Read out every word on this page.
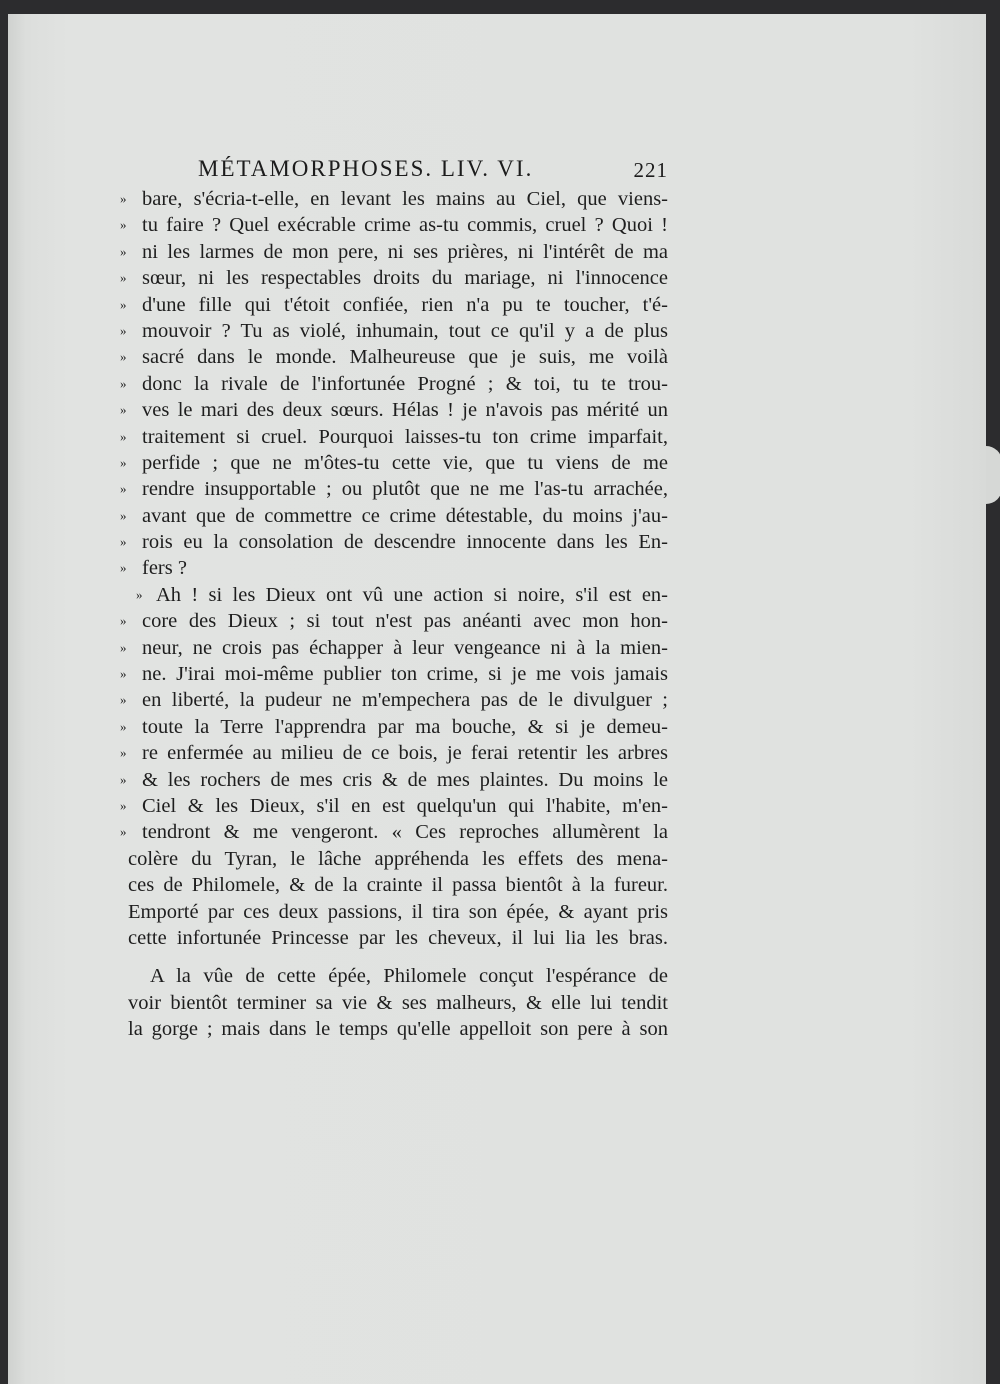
MÉTAMORPHOSES. LIV. VI.	221
» bare, s'écria-t-elle, en levant les mains au Ciel, que viens-
» tu faire ? Quel exécrable crime as-tu commis, cruel ? Quoi !
» ni les larmes de mon pere, ni ses prières, ni l'intérêt de ma
» sœur, ni les respectables droits du mariage, ni l'innocence
» d'une fille qui t'étoit confiée, rien n'a pu te toucher, t'é-
» mouvoir ? Tu as violé, inhumain, tout ce qu'il y a de plus
» sacré dans le monde. Malheureuse que je suis, me voilà
» donc la rivale de l'infortunée Progné ; & toi, tu te trou-
» ves le mari des deux sœurs. Hélas ! je n'avois pas mérité un
» traitement si cruel. Pourquoi laisses-tu ton crime imparfait,
» perfide ; que ne m'ôtes-tu cette vie, que tu viens de me
» rendre insupportable ; ou plutôt que ne me l'as-tu arrachée,
» avant que de commettre ce crime détestable, du moins j'au-
» rois eu la consolation de descendre innocente dans les En-
» fers ?
» Ah ! si les Dieux ont vû une action si noire, s'il est en-
» core des Dieux ; si tout n'est pas anéanti avec mon hon-
» neur, ne crois pas échapper à leur vengeance ni à la mien-
» ne. J'irai moi-même publier ton crime, si je me vois jamais
» en liberté, la pudeur ne m'empechera pas de le divulguer ;
» toute la Terre l'apprendra par ma bouche, & si je demeu-
» re enfermée au milieu de ce bois, je ferai retentir les arbres
» & les rochers de mes cris & de mes plaintes. Du moins le
» Ciel & les Dieux, s'il en est quelqu'un qui l'habite, m'en-
» tendront & me vengeront. « Ces reproches allumèrent la
colère du Tyran, le lâche appréhenda les effets des mena-
ces de Philomele, & de la crainte il passa bientôt à la fureur.
Emporté par ces deux passions, il tira son épée, & ayant pris
cette infortunée Princesse par les cheveux, il lui lia les bras.
A la vûe de cette épée, Philomele conçut l'espérance de
voir bientôt terminer sa vie & ses malheurs, & elle lui tendit
la gorge ; mais dans le temps qu'elle appelloit son pere à son
